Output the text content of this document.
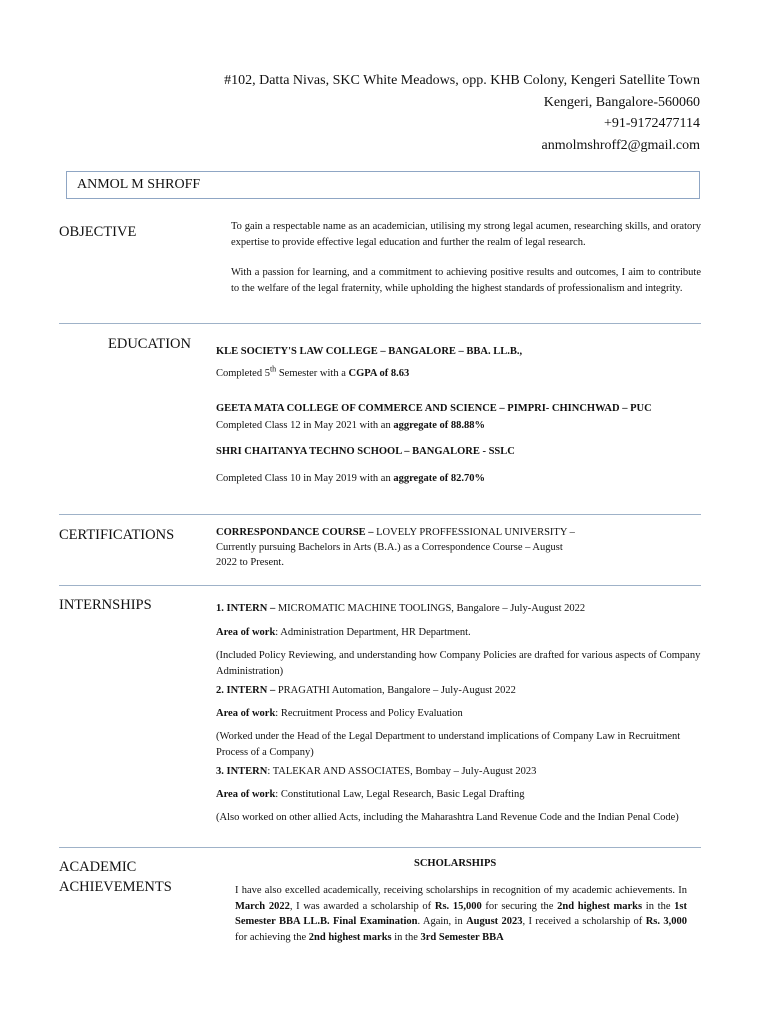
#102, Datta Nivas, SKC White Meadows, opp. KHB Colony, Kengeri Satellite Town
Kengeri, Bangalore-560060
+91-9172477114
anmolmshroff2@gmail.com
ANMOL M SHROFF
OBJECTIVE	To gain a respectable name as an academician, utilising my strong legal acumen, researching skills, and oratory expertise to provide effective legal education and further the realm of legal research.
With a passion for learning, and a commitment to achieving positive results and outcomes, I aim to contribute to the welfare of the legal fraternity, while upholding the highest standards of professionalism and integrity.
EDUCATION KLE SOCIETY'S LAW COLLEGE – BANGALORE – BBA. LL.B.,
Completed 5th Semester with a CGPA of 8.63
GEETA MATA COLLEGE OF COMMERCE AND SCIENCE – PIMPRI- CHINCHWAD – PUC
Completed Class 12 in May 2021 with an aggregate of 88.88%
SHRI CHAITANYA TECHNO SCHOOL – BANGALORE - SSLC
Completed Class 10 in May 2019 with an aggregate of 82.70%
CERTIFICATIONS	CORRESPONDANCE COURSE – LOVELY PROFFESSIONAL UNIVERSITY –
Currently pursuing Bachelors in Arts (B.A.) as a Correspondence Course – August
2022 to Present.
INTERNSHIPS	1. INTERN – MICROMATIC MACHINE TOOLINGS, Bangalore – July-August 2022
Area of work: Administration Department, HR Department.
(Included Policy Reviewing, and understanding how Company Policies are drafted for various aspects of Company Administration)
2. INTERN – PRAGATHI Automation, Bangalore – July-August 2022
Area of work: Recruitment Process and Policy Evaluation
(Worked under the Head of the Legal Department to understand implications of Company Law in Recruitment Process of a Company)
3. INTERN: TALEKAR AND ASSOCIATES, Bombay – July-August 2023
Area of work: Constitutional Law, Legal Research, Basic Legal Drafting
(Also worked on other allied Acts, including the Maharashtra Land Revenue Code and the Indian Penal Code)
ACADEMIC
ACHIEVEMENTS
SCHOLARSHIPS
I have also excelled academically, receiving scholarships in recognition of my academic achievements. In March 2022, I was awarded a scholarship of Rs. 15,000 for securing the 2nd highest marks in the 1st Semester BBA LL.B. Final Examination. Again, in August 2023, I received a scholarship of Rs. 3,000 for achieving the 2nd highest marks in the 3rd Semester BBA
